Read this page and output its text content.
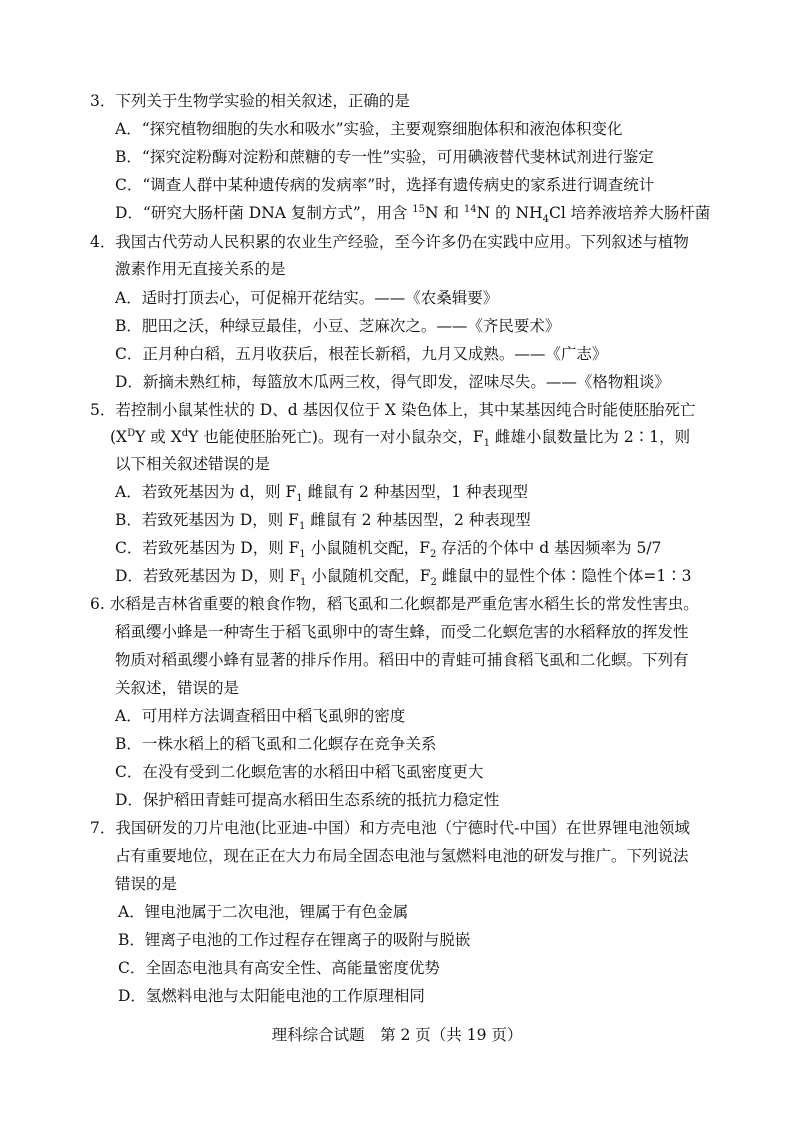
3．下列关于生物学实验的相关叙述，正确的是
A．“探究植物细胞的失水和吸水”实验，主要观察细胞体积和液泡体积变化
B．“探究淀粉酶对淀粉和蔗糖的专一性”实验，可用碘液替代斐林试剂进行鉴定
C．“调查人群中某种遗传病的发病率”时，选择有遗传病史的家系进行调查统计
D．“研究大肠杆菌 DNA 复制方式”，用含 $^{15}$N 和 $^{14}$N 的 $NH_4Cl$ 培养液培养大肠杆菌
4．我国古代劳动人民积累的农业生产经验，至今许多仍在实践中应用。下列叙述与植物
激素作用无直接关系的是
A．适时打顶去心，可促棉开花结实。——《农桑辑要》
B．肥田之沃，种绿豆最佳，小豆、芝麻次之。——《齐民要术》
C．正月种白稻，五月收获后，根茬长新稻，九月又成熟。——《广志》
D．新摘未熟红柿，每篮放木瓜两三枚，得气即发，涩味尽失。——《格物粗谈》
5．若控制小鼠某性状的 D、d 基因仅位于 X 染色体上，其中某基因纯合时能使胚胎死亡
($X^DY$ 或 $X^dY$ 也能使胚胎死亡)。现有一对小鼠杂交，$F_1$ 雌雄小鼠数量比为 2∶1，则
以下相关叙述错误的是
A．若致死基因为 d，则 $F_1$ 雌鼠有 2 种基因型，1 种表现型
B．若致死基因为 D，则 $F_1$ 雌鼠有 2 种基因型，2 种表现型
C．若致死基因为 D，则 $F_1$ 小鼠随机交配，$F_2$ 存活的个体中 d 基因频率为 5/7
D．若致死基因为 D，则 $F_1$ 小鼠随机交配，$F_2$ 雌鼠中的显性个体∶隐性个体=1∶3
6. 水稻是吉林省重要的粮食作物，稻飞虱和二化螟都是严重危害水稻生长的常发性害虫。
稻虱缨小蜂是一种寄生于稻飞虱卵中的寄生蜂，而受二化螟危害的水稻释放的挥发性
物质对稻虱缨小蜂有显著的排斥作用。稻田中的青蛙可捕食稻飞虱和二化螟。下列有
关叙述，错误的是
A．可用样方法调查稻田中稻飞虱卵的密度
B．一株水稻上的稻飞虱和二化螟存在竞争关系
C．在没有受到二化螟危害的水稻田中稻飞虱密度更大
D．保护稻田青蛙可提高水稻田生态系统的抵抗力稳定性
7．我国研发的刀片电池(比亚迪-中国）和方壳电池（宁德时代-中国）在世界锂电池领域
占有重要地位，现在正在大力布局全固态电池与氢燃料电池的研发与推广。下列说法
错误的是
A．锂电池属于二次电池，锂属于有色金属
B．锂离子电池的工作过程存在锂离子的吸附与脱嵌
C．全固态电池具有高安全性、高能量密度优势
D．氢燃料电池与太阳能电池的工作原理相同
理科综合试题　第 2 页（共 19 页）
